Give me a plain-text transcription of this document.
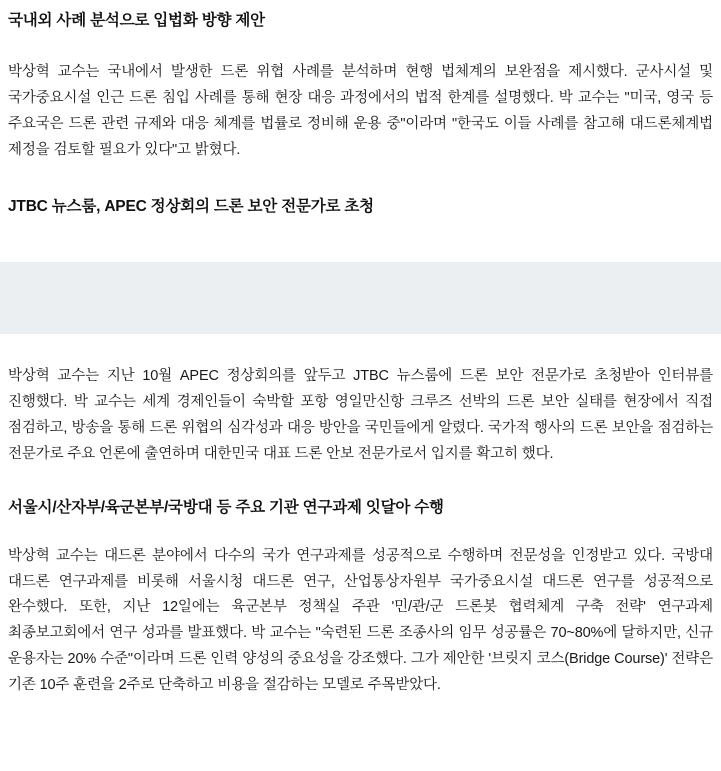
국내외 사례 분석으로 입법화 방향 제안

박상혁 교수는 국내에서 발생한 드론 위협 사례를 분석하며 현행 법체계의 보완점을 제시했다. 군사시설 및 국가중요시설 인근 드론 침입 사례를 통해 현장 대응 과정에서의 법적 한계를 설명했다. 박 교수는 "미국, 영국 등 주요국은 드론 관련 규제와 대응 체계를 법률로 정비해 운용 중"이라며 "한국도 이들 사례를 참고해 대드론체계법 제정을 검토할 필요가 있다"고 밝혔다.

JTBC 뉴스룸, APEC 정상회의 드론 보안 전문가로 초청

박상혁 교수는 지난 10월 APEC 정상회의를 앞두고 JTBC 뉴스룸에 드론 보안 전문가로 초청받아 인터뷰를 진행했다. 박 교수는 세계 경제인들이 숙박할 포항 영일만신항 크루즈 선박의 드론 보안 실태를 현장에서 직접 점검하고, 방송을 통해 드론 위협의 심각성과 대응 방안을 국민들에게 알렸다. 국가적 행사의 드론 보안을 점검하는 전문가로 주요 언론에 출연하며 대한민국 대표 드론 안보 전문가로서 입지를 확고히 했다.

서울시/산자부/육군본부/국방대 등 주요 기관 연구과제 잇달아 수행

박상혁 교수는 대드론 분야에서 다수의 국가 연구과제를 성공적으로 수행하며 전문성을 인정받고 있다. 국방대 대드론 연구과제를 비롯해 서울시청 대드론 연구, 산업통상자원부 국가중요시설 대드론 연구를 성공적으로 완수했다. 또한, 지난 12일에는 육군본부 정책실 주관 '민/관/군 드론봇 협력체계 구축 전략' 연구과제 최종보고회에서 연구 성과를 발표했다. 박 교수는 "숙련된 드론 조종사의 임무 성공률은 70~80%에 달하지만, 신규 운용자는 20% 수준"이라며 드론 인력 양성의 중요성을 강조했다. 그가 제안한 '브릿지 코스(Bridge Course)' 전략은 기존 10주 훈련을 2주로 단축하고 비용을 절감하는 모델로 주목받았다.
